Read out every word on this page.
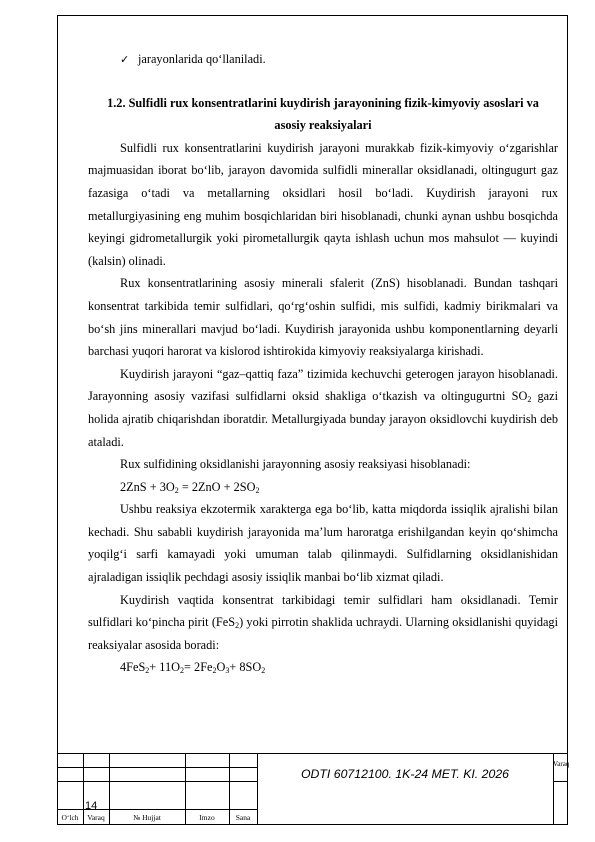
✓ jarayonlarida qo‘llaniladi.
1.2. Sulfidli rux konsentratlarini kuydirish jarayonining fizik-kimyoviy asoslari va asosiy reaksiyalari

Sulfidli rux konsentratlarini kuydirish jarayoni murakkab fizik-kimyoviy o‘zgarishlar majmuasidan iborat bo‘lib, jarayon davomida sulfidli minerallar oksidlanadi, oltingugurt gaz fazasiga o‘tadi va metallarning oksidlari hosil bo‘ladi. Kuydirish jarayoni rux metallurgiyasining eng muhim bosqichlaridan biri hisoblanadi, chunki aynan ushbu bosqichda keyingi gidrometallurgik yoki pirometallurgik qayta ishlash uchun mos mahsulot — kuyindi (kalsin) olinadi.

Rux konsentratlarining asosiy minerali sfalerit (ZnS) hisoblanadi. Bundan tashqari konsentrat tarkibida temir sulfidlari, qo‘rg‘oshin sulfidi, mis sulfidi, kadmiy birikmalari va bo‘sh jins minerallari mavjud bo‘ladi. Kuydirish jarayonida ushbu komponentlarning deyarli barchasi yuqori harorat va kislorod ishtirokida kimyoviy reaksiyalarga kirishadi.

Kuydirish jarayoni “gaz–qattiq faza” tizimida kechuvchi geterogen jarayon hisoblanadi. Jarayonning asosiy vazifasi sulfidlarni oksid shakliga o‘tkazish va oltingugurtni $SO_2$ gazi holida ajratib chiqarishdan iboratdir. Metallurgiyada bunday jarayon oksidlovchi kuydirish deb ataladi.

Rux sulfidining oksidlanishi jarayonning asosiy reaksiyasi hisoblanadi:

$2ZnS + 3O_2 = 2ZnO + 2SO_2$

Ushbu reaksiya ekzotermik xarakterga ega bo‘lib, katta miqdorda issiqlik ajralishi bilan kechadi. Shu sababli kuydirish jarayonida ma’lum haroratga erishilgandan keyin qo‘shimcha yoqilg‘i sarfi kamayadi yoki umuman talab qilinmaydi. Sulfidlarning oksidlanishidan ajraladigan issiqlik pechdagi asosiy issiqlik manbai bo‘lib xizmat qiladi.

Kuydirish vaqtida konsentrat tarkibidagi temir sulfidlari ham oksidlanadi. Temir sulfidlari ko‘pincha pirit (FeS$_2$) yoki pirrotin shaklida uchraydi. Ularning oksidlanishi quyidagi reaksiyalar asosida boradi:

$4FeS_2+ 11O_2= 2Fe_2O_3+ 8SO_2$

14
ODTI 60712100. 1K-24 MET. KI. 2026
Varaq
O‘lch	Varaq	№ Hujjat	Imzo	Sana
